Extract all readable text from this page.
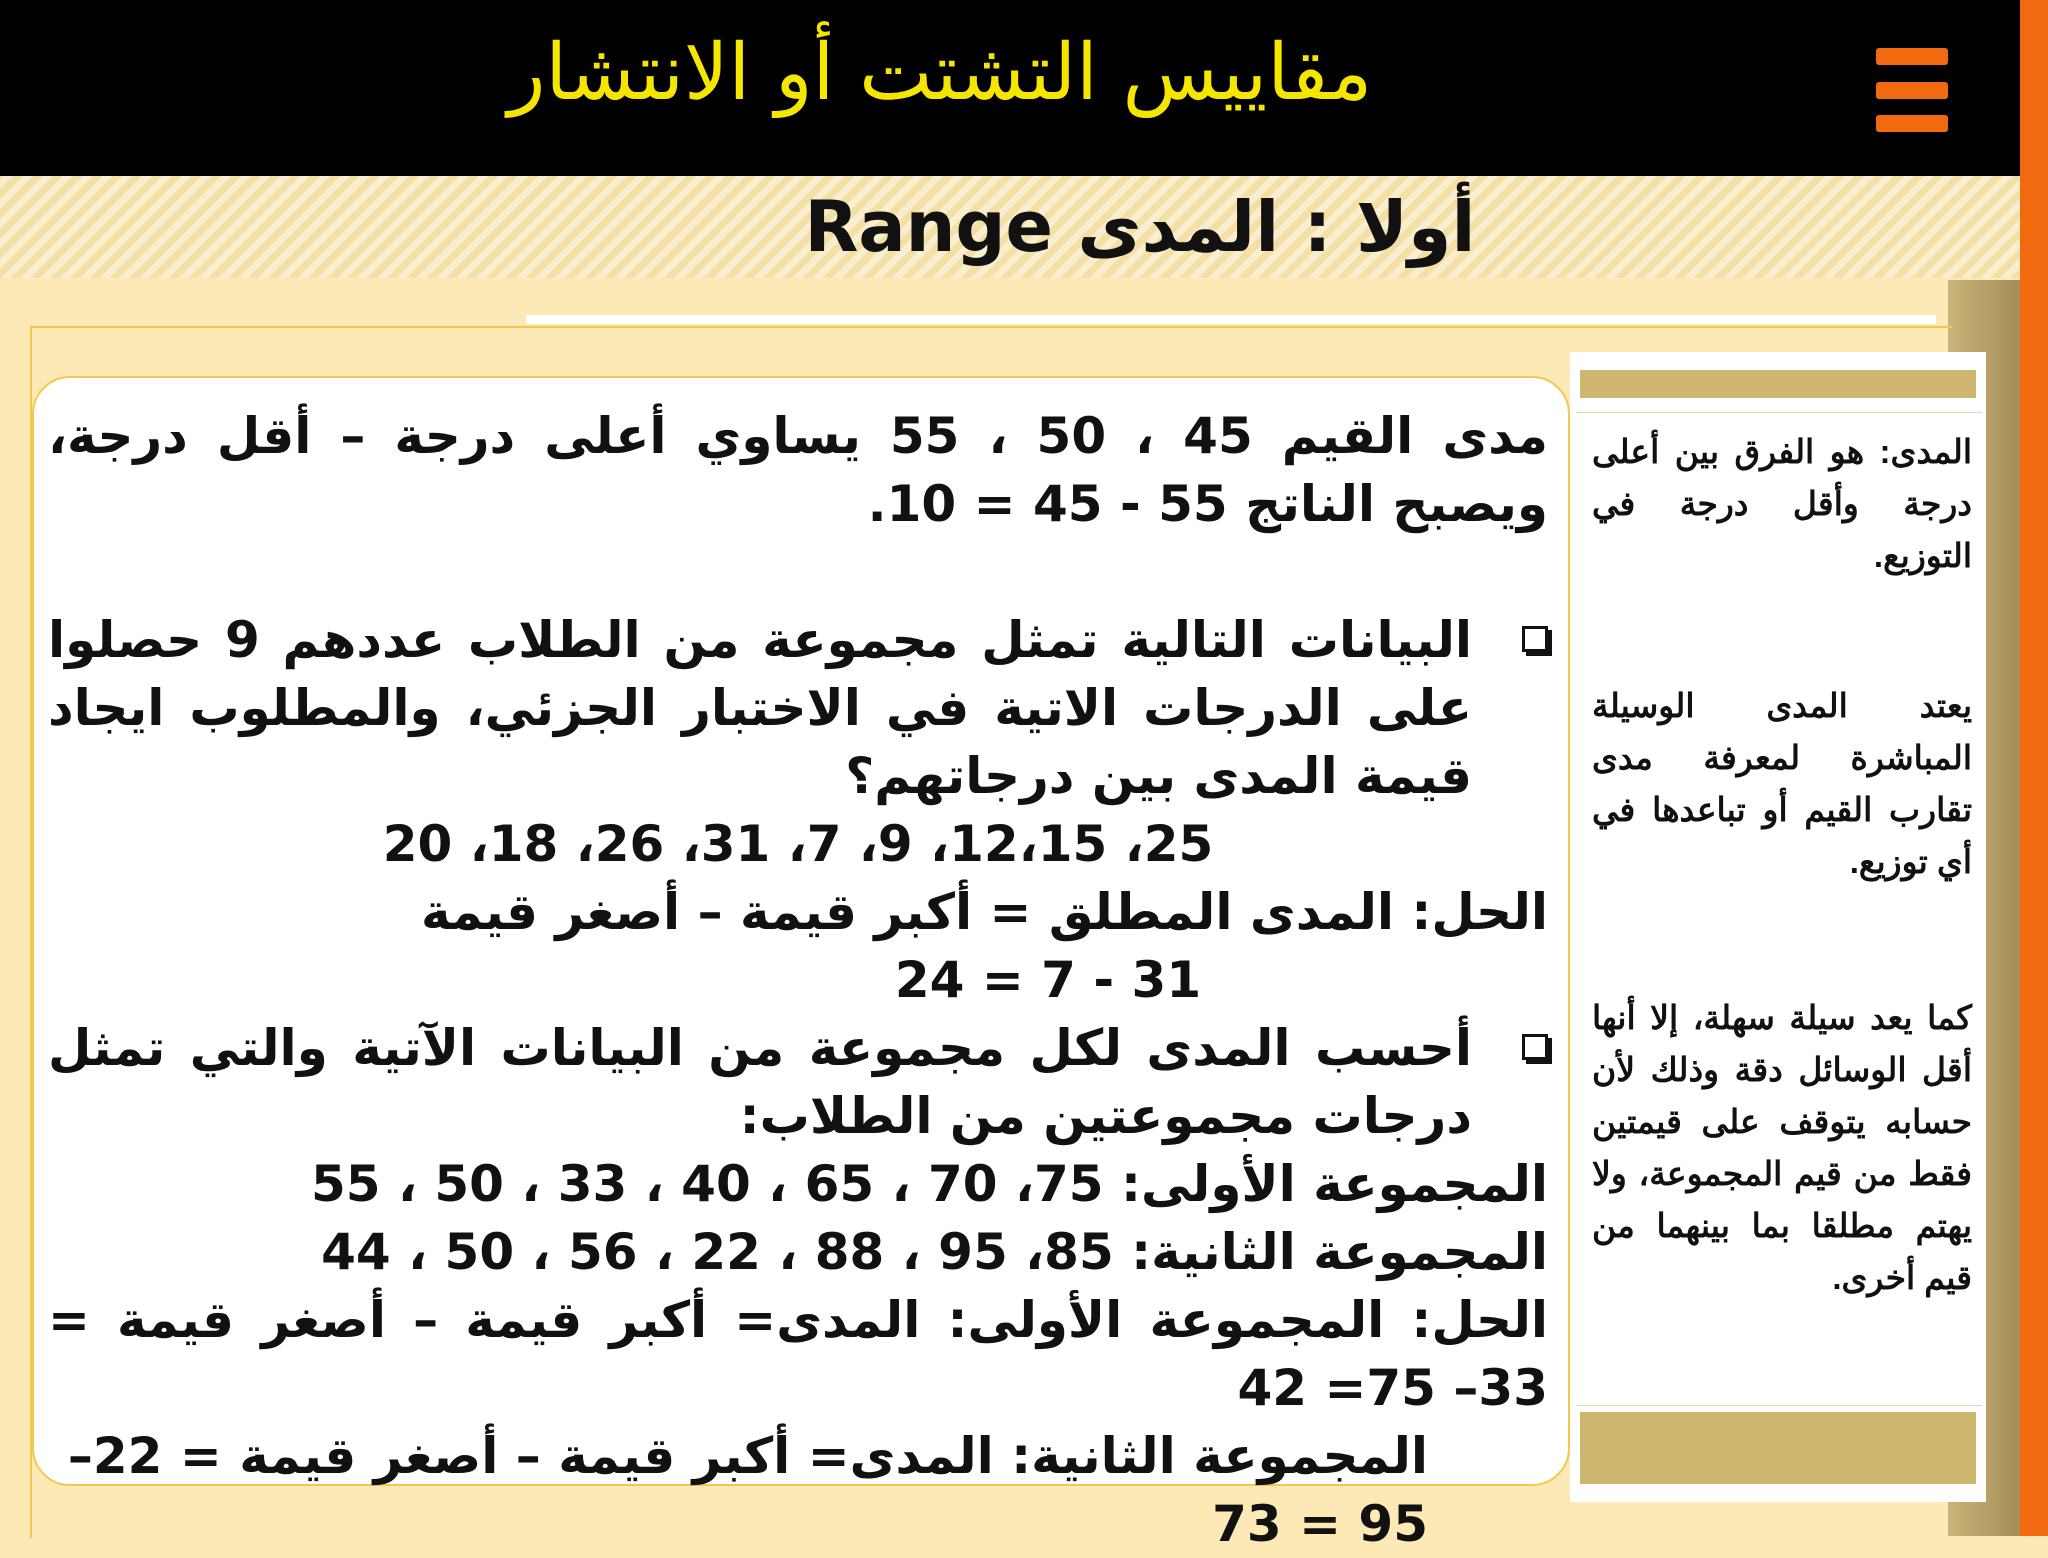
مقاييس التشتت أو الانتشار
أولا : المدى Range

مدى القيم 45 ، 50 ، 55 يساوي أعلى درجة – أقل درجة، ويصبح الناتج 55 - 45 = 10.

البيانات التالية تمثل مجموعة من الطلاب عددهم 9 حصلوا على الدرجات الاتية في الاختبار الجزئي، والمطلوب ايجاد قيمة المدى بين درجاتهم؟

25، 12،15، 9، 7، 31، 26، 18، 20

الحل: المدى المطلق = أكبر قيمة – أصغر قيمة

31 - 7 = 24

أحسب المدى لكل مجموعة من البيانات الآتية والتي تمثل درجات مجموعتين من الطلاب:

المجموعة الأولى: 75، 70 ، 65 ، 40 ، 33 ، 50 ، 55

المجموعة الثانية: 85، 95 ، 88 ، 22 ، 56 ، 50 ، 44

الحل: المجموعة الأولى: المدى= أكبر قيمة – أصغر قيمة = 33– 75= 42

المجموعة الثانية: المدى= أكبر قيمة – أصغر قيمة = 22– 95 = 73

المدى: هو الفرق بين أعلى درجة وأقل درجة في التوزيع.
يعتد المدى الوسيلة المباشرة لمعرفة مدى تقارب القيم أو تباعدها في أي توزيع.
كما يعد سيلة سهلة، إلا أنها أقل الوسائل دقة وذلك لأن حسابه يتوقف على قيمتين فقط من قيم المجموعة، ولا يهتم مطلقا بما بينهما من قيم أخرى.
